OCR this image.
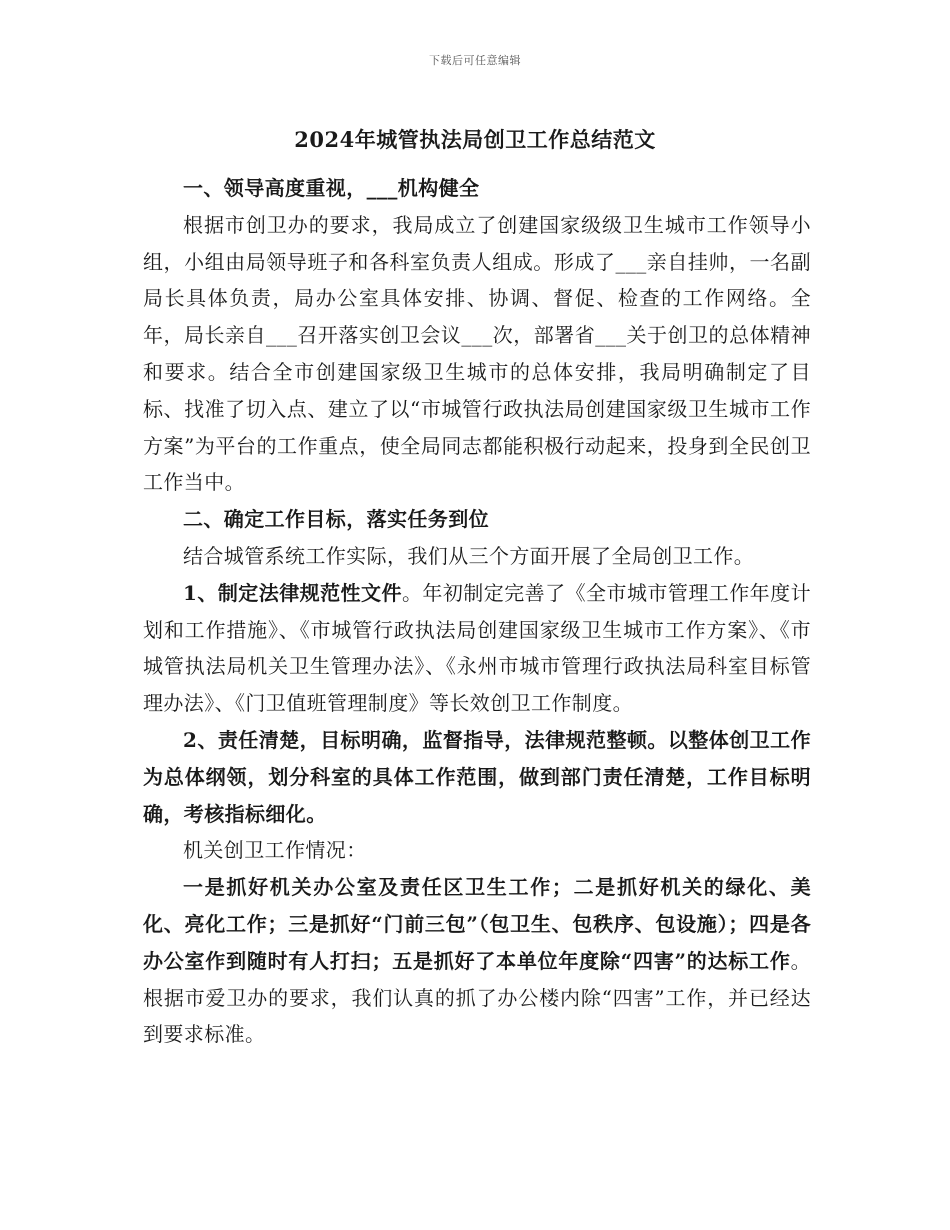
下载后可任意编辑
2024年城管执法局创卫工作总结范文

一、领导高度重视，___机构健全

根据市创卫办的要求，我局成立了创建国家级级卫生城市工作领导小组，小组由局领导班子和各科室负责人组成。形成了___亲自挂帅，一名副局长具体负责，局办公室具体安排、协调、督促、检查的工作网络。全年，局长亲自___召开落实创卫会议___次，部署省___关于创卫的总体精神和要求。结合全市创建国家级卫生城市的总体安排，我局明确制定了目标、找准了切入点、建立了以“市城管行政执法局创建国家级卫生城市工作方案”为平台的工作重点，使全局同志都能积极行动起来，投身到全民创卫工作当中。

二、确定工作目标，落实任务到位

结合城管系统工作实际，我们从三个方面开展了全局创卫工作。

1、制定法律规范性文件。年初制定完善了《全市城市管理工作年度计划和工作措施》、《市城管行政执法局创建国家级卫生城市工作方案》、《市城管执法局机关卫生管理办法》、《永州市城市管理行政执法局科室目标管理办法》、《门卫值班管理制度》等长效创卫工作制度。

2、责任清楚，目标明确，监督指导，法律规范整顿。以整体创卫工作为总体纲领，划分科室的具体工作范围，做到部门责任清楚，工作目标明确，考核指标细化。

机关创卫工作情况：

一是抓好机关办公室及责任区卫生工作；二是抓好机关的绿化、美化、亮化工作；三是抓好“门前三包”（包卫生、包秩序、包设施）；四是各办公室作到随时有人打扫；五是抓好了本单位年度除“四害”的达标工作。根据市爱卫办的要求，我们认真的抓了办公楼内除“四害”工作，并已经达到要求标准。
